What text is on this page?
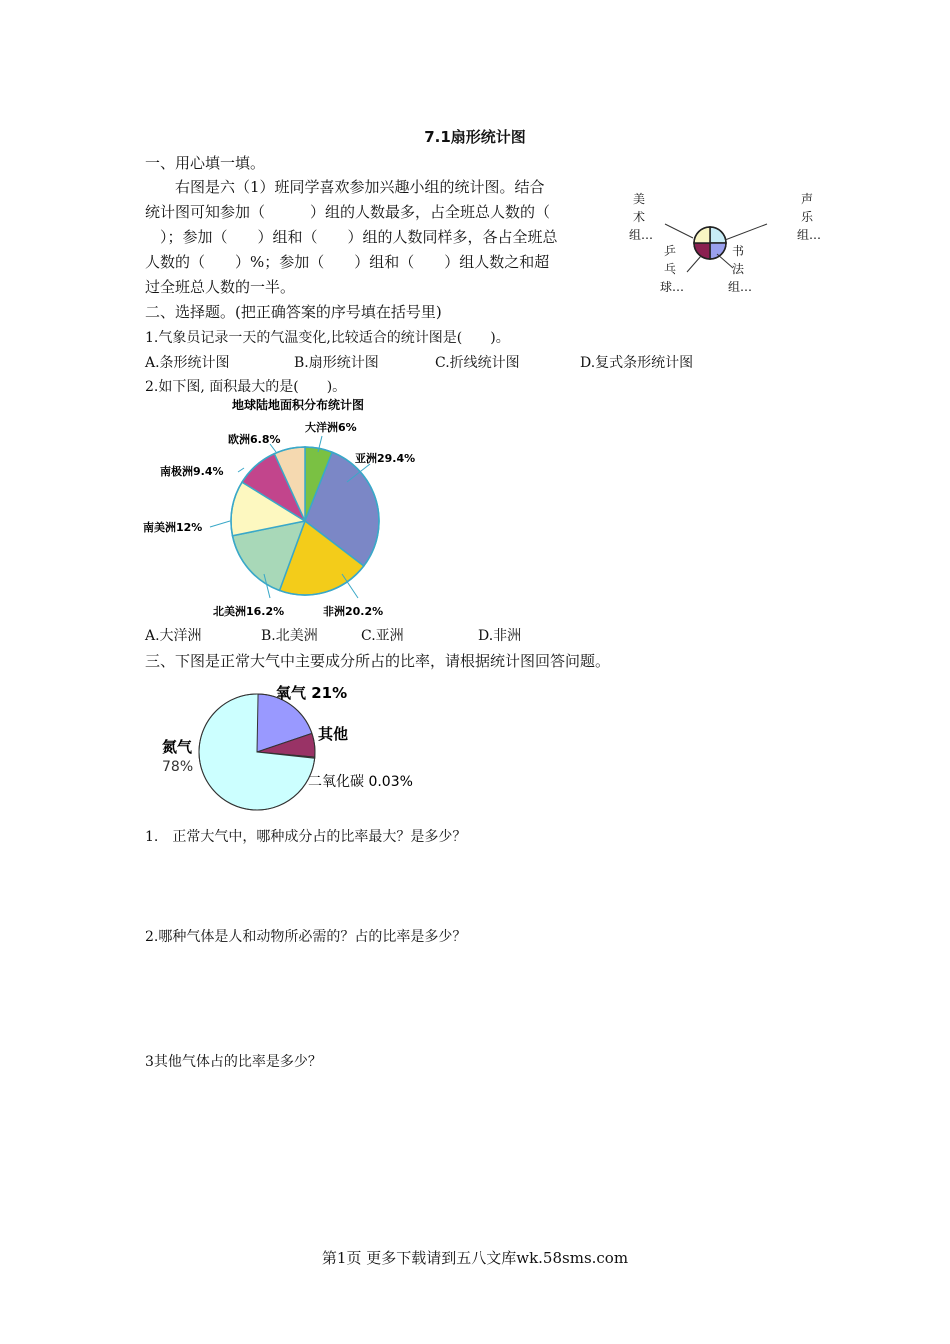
7.1扇形统计图
一、用心填一填。
　　右图是六（1）班同学喜欢参加兴趣小组的统计图。结合
统计图可知参加（　　　）组的人数最多，占全班总人数的（
　）；参加（　　）组和（　　）组的人数同样多，各占全班总
人数的（　　）%；参加（　　）组和（　　）组人数之和超
过全班总人数的一半。
美术组…
声乐组…
书法组…
乒乓球…
二、选择题。(把正确答案的序号填在括号里)
1.气象员记录一天的气温变化,比较适合的统计图是(　　)。
A.条形统计图	B.扇形统计图	C.折线统计图	D.复式条形统计图
2.如下图, 面积最大的是(　　)。
地球陆地面积分布统计图
大洋洲6%
亚洲29.4%
非洲20.2%
北美洲16.2%
南美洲12%
南极洲9.4%
欧洲6.8%
A.大洋洲	B.北美洲	C.亚洲	D.非洲
三、下图是正常大气中主要成分所占的比率，请根据统计图回答问题。
氧气 21%
其他
二氧化碳 0.03%
氮气
78%
1.　正常大气中，哪种成分占的比率最大？是多少？
2.哪种气体是人和动物所必需的？占的比率是多少？
3其他气体占的比率是多少？
第1页 更多下载请到五八文库wk.58sms.com
